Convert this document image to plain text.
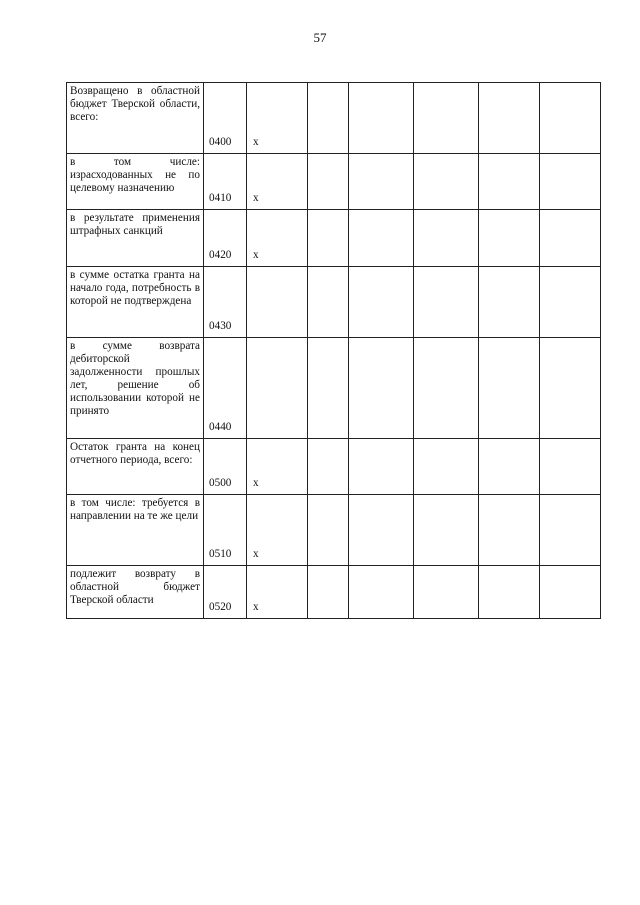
57
Возвращено в областной бюджет Тверской области, всего:	0400	x					
в том числе: израсходованных не по целевому назначению	0410	x					
в результате применения штрафных санкций	0420	x					
в сумме остатка гранта на начало года, потребность в которой не подтверждена	0430						
в сумме возврата дебиторской задолженности прошлых лет, решение об использовании которой не принято	0440						
Остаток гранта на конец отчетного периода, всего:	0500	x					
в том числе: требуется в направлении на те же цели	0510	x					
подлежит возврату в областной бюджет Тверской области	0520	x					
